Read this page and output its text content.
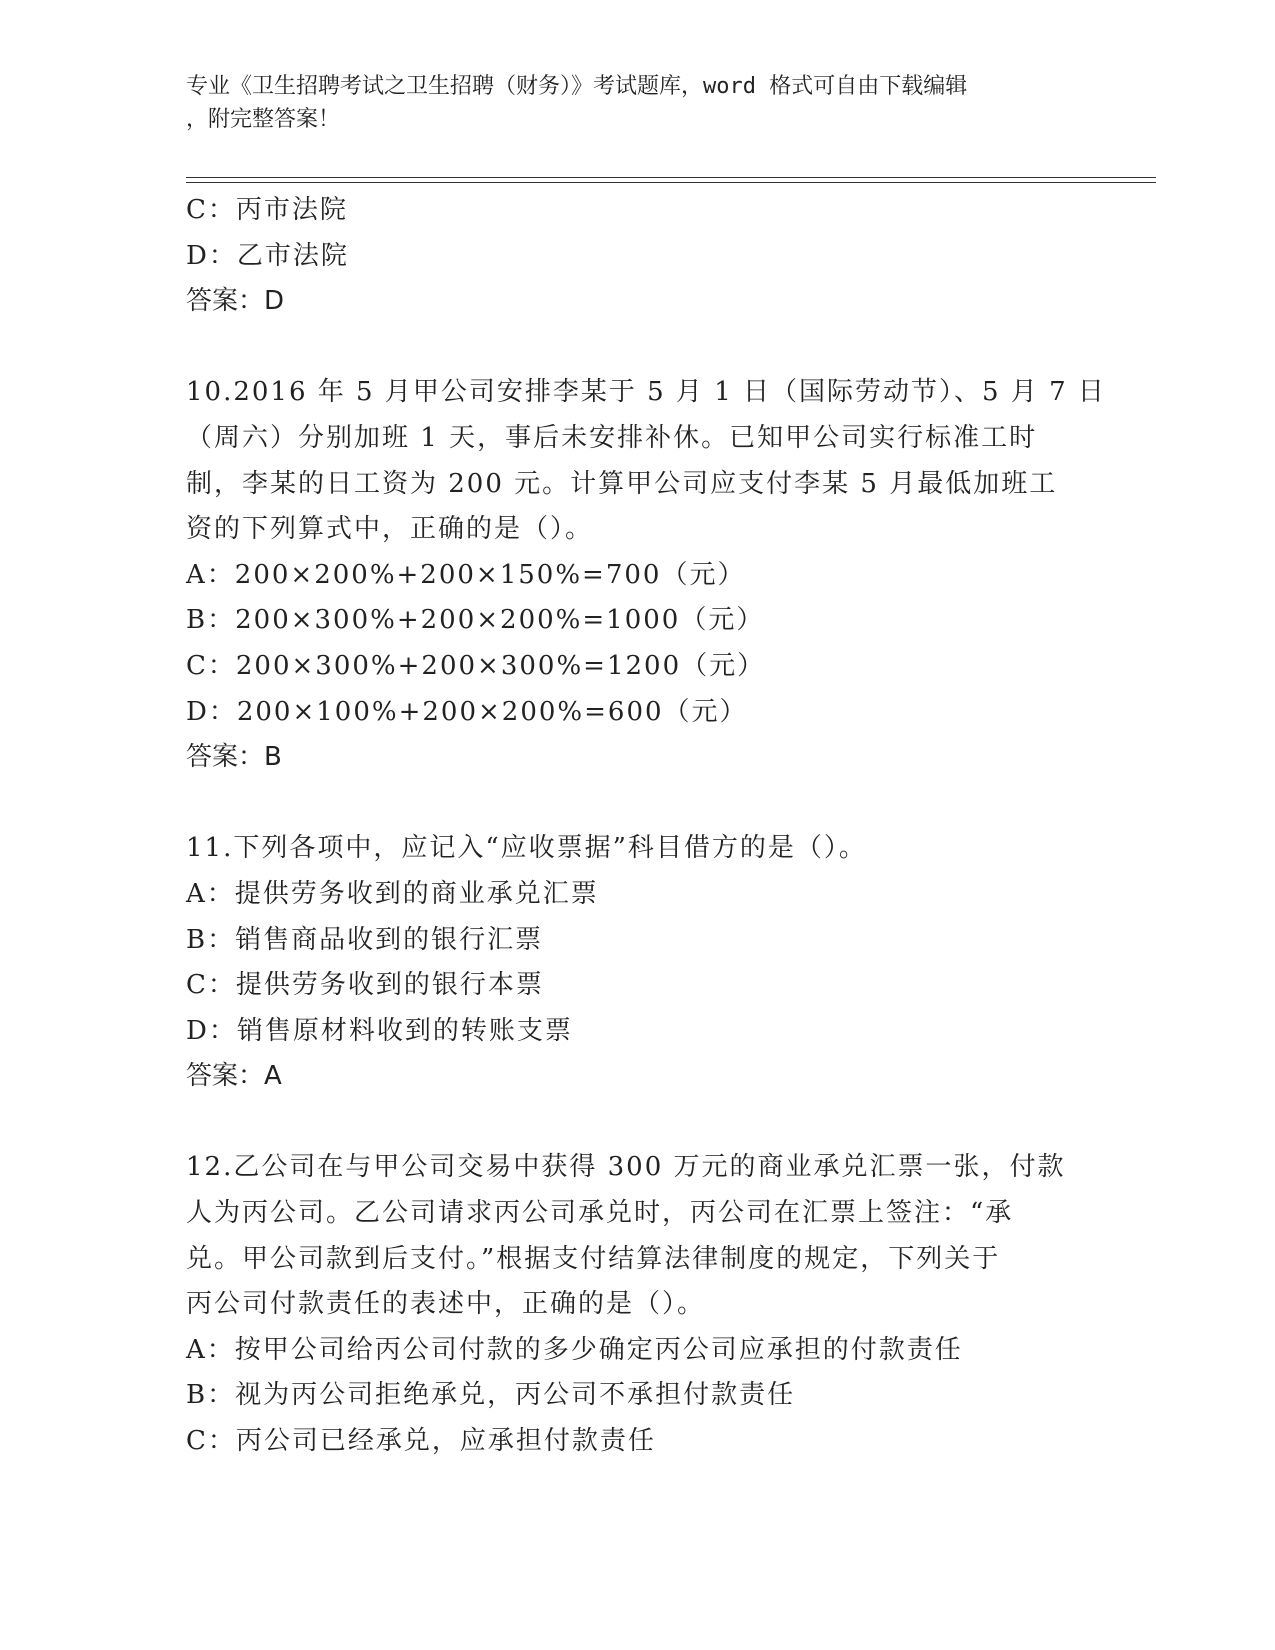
专业《卫生招聘考试之卫生招聘（财务）》考试题库，word 格式可自由下载编辑
，附完整答案！
C：丙市法院
D：乙市法院
答案：D
10.2016 年 5 月甲公司安排李某于 5 月 1 日（国际劳动节）、5 月 7 日
（周六）分别加班 1 天，事后未安排补休。已知甲公司实行标准工时
制，李某的日工资为 200 元。计算甲公司应支付李某 5 月最低加班工
资的下列算式中，正确的是（）。
A：200×200%+200×150%=700（元）
B：200×300%+200×200%=1000（元）
C：200×300%+200×300%=1200（元）
D：200×100%+200×200%=600（元）
答案：B
11.下列各项中，应记入“应收票据”科目借方的是（）。
A：提供劳务收到的商业承兑汇票
B：销售商品收到的银行汇票
C：提供劳务收到的银行本票
D：销售原材料收到的转账支票
答案：A
12.乙公司在与甲公司交易中获得 300 万元的商业承兑汇票一张，付款
人为丙公司。乙公司请求丙公司承兑时，丙公司在汇票上签注：“承
兑。甲公司款到后支付。”根据支付结算法律制度的规定，下列关于
丙公司付款责任的表述中，正确的是（）。
A：按甲公司给丙公司付款的多少确定丙公司应承担的付款责任
B：视为丙公司拒绝承兑，丙公司不承担付款责任
C：丙公司已经承兑，应承担付款责任
